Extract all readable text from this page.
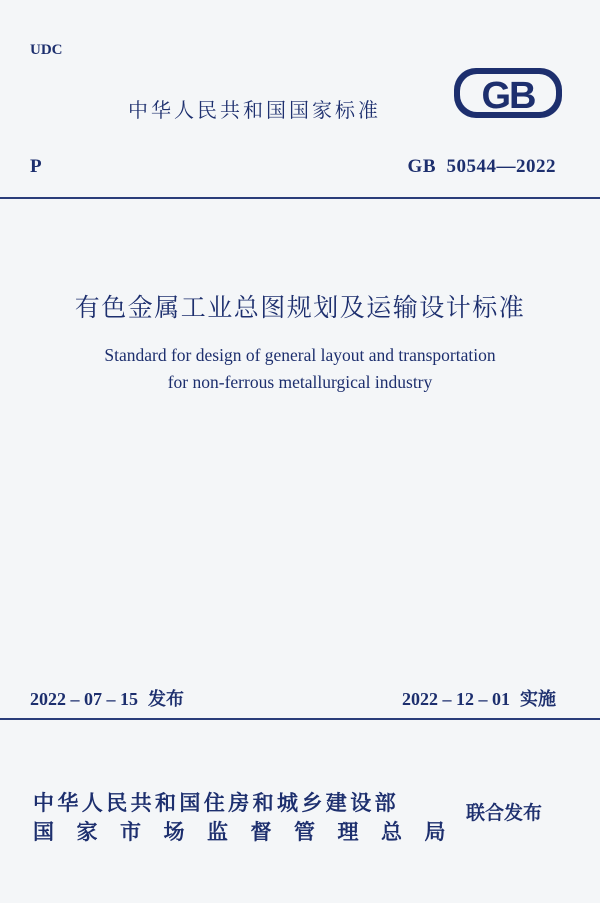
UDC
中华人民共和国国家标准	GB
P	GB  50544—2022
有色金属工业总图规划及运输设计标准
Standard for design of general layout and transportation
for non-ferrous metallurgical industry
2022 – 07 – 15 发布	2022 – 12 – 01 实施
中华人民共和国住房和城乡建设部
国家市场监督管理总局
联合发布
